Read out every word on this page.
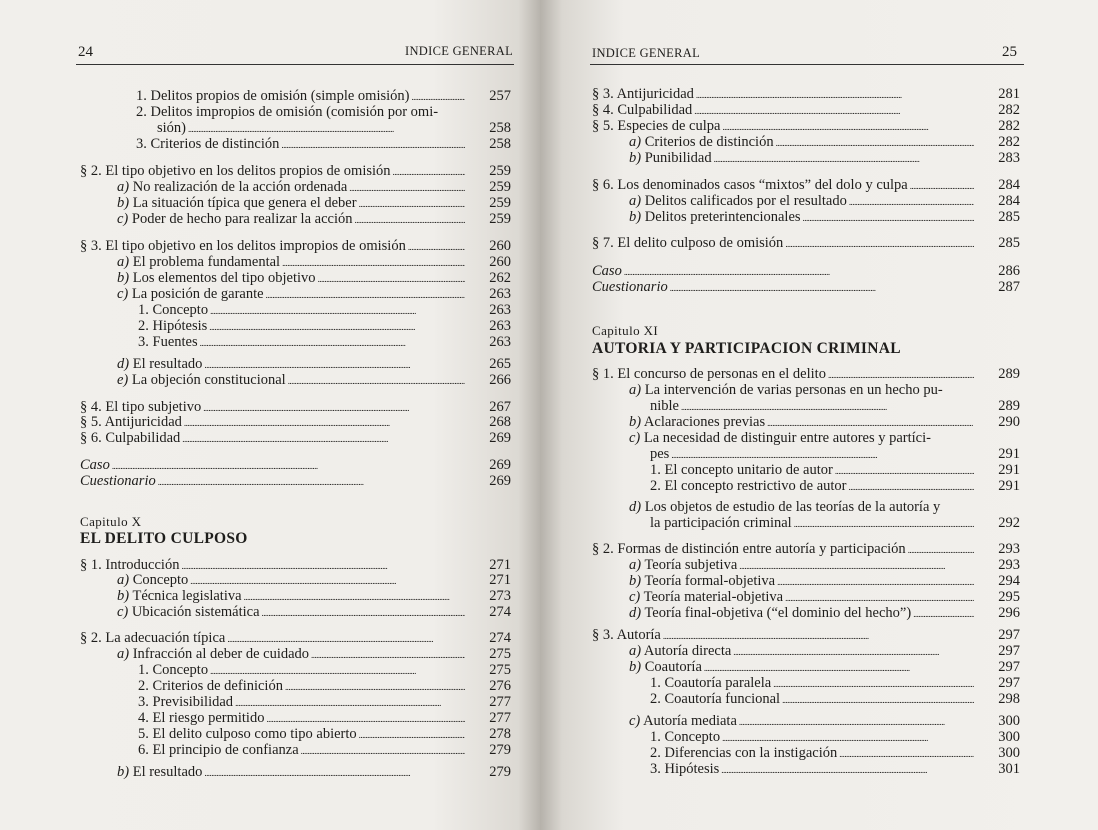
24	INDICE GENERAL
Capitulo X
EL DELITO CULPOSO
1. Delitos propios de omisión (simple omisión) . . .	257
2. Delitos impropios de omisión (comisión por omi-
sión) . . .	258
3. Criterios de distinción . . .	258
§ 2. El tipo objetivo en los delitos propios de omisión . . .	259
a) No realización de la acción ordenada . . .	259
b) La situación típica que genera el deber . . .	259
c) Poder de hecho para realizar la acción . . .	259
§ 3. El tipo objetivo en los delitos impropios de omisión . . .	260
a) El problema fundamental . . .	260
b) Los elementos del tipo objetivo . . .	262
c) La posición de garante . . .	263
1. Concepto . . .	263
2. Hipótesis . . .	263
3. Fuentes . . .	263
d) El resultado . . .	265
e) La objeción constitucional . . .	266
§ 4. El tipo subjetivo . . .	267
§ 5. Antijuricidad . . .	268
§ 6. Culpabilidad . . .	269
Caso . . .	269
Cuestionario . . .	269
§ 1. Introducción . . .	271
a) Concepto . . .	271
b) Técnica legislativa . . .	273
c) Ubicación sistemática . . .	274
§ 2. La adecuación típica . . .	274
a) Infracción al deber de cuidado . . .	275
1. Concepto . . .	275
2. Criterios de definición . . .	276
3. Previsibilidad . . .	277
4. El riesgo permitido . . .	277
5. El delito culposo como tipo abierto . . .	278
6. El principio de confianza . . .	279
b) El resultado . . .	279
INDICE GENERAL	25
Capitulo XI
AUTORIA Y PARTICIPACION CRIMINAL
§ 3. Antijuricidad . . .	281
§ 4. Culpabilidad . . .	282
§ 5. Especies de culpa . . .	282
a) Criterios de distinción . . .	282
b) Punibilidad . . .	283
§ 6. Los denominados casos “mixtos” del dolo y culpa . . .	284
a) Delitos calificados por el resultado . . .	284
b) Delitos preterintencionales . . .	285
§ 7. El delito culposo de omisión . . .	285
Caso . . .	286
Cuestionario . . .	287
§ 1. El concurso de personas en el delito . . .	289
a) La intervención de varias personas en un hecho pu-
nible . . .	289
b) Aclaraciones previas . . .	290
c) La necesidad de distinguir entre autores y partíci-
pes . . .	291
1. El concepto unitario de autor . . .	291
2. El concepto restrictivo de autor . . .	291
d) Los objetos de estudio de las teorías de la autoría y
la participación criminal . . .	292
§ 2. Formas de distinción entre autoría y participación . . .	293
a) Teoría subjetiva . . .	293
b) Teoría formal-objetiva . . .	294
c) Teoría material-objetiva . . .	295
d) Teoría final-objetiva (“el dominio del hecho”) . . .	296
§ 3. Autoría . . .	297
a) Autoría directa . . .	297
b) Coautoría . . .	297
1. Coautoría paralela . . .	297
2. Coautoría funcional . . .	298
c) Autoría mediata . . .	300
1. Concepto . . .	300
2. Diferencias con la instigación . . .	300
3. Hipótesis . . .	301
